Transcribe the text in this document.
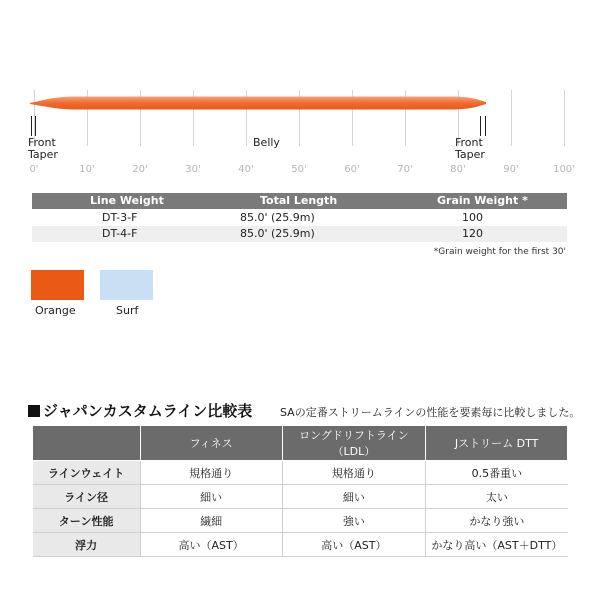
Front
Taper
Belly	Front
Taper
0'	10'	20'	30'	40'	50'	60'	70'	80'	90'	100'
Line Weight	Total Length	Grain Weight *
DT-3-F	85.0' (25.9m)	100
DT-4-F	85.0' (25.9m)	120
*Grain weight for the first 30'
Orange	Surf
ジャパンカスタムライン比較表	SAの定番ストリームラインの性能を要素毎に比較しました。
	フィネス	ロングドリフトライン（LDL）	Jストリーム DTT
ラインウェイト	規格通り	規格通り	0.5番重い
ライン径	細い	細い	太い
ターン性能	繊細	強い	かなり強い
浮力	高い（AST）	高い（AST）	かなり高い（AST＋DTT）
